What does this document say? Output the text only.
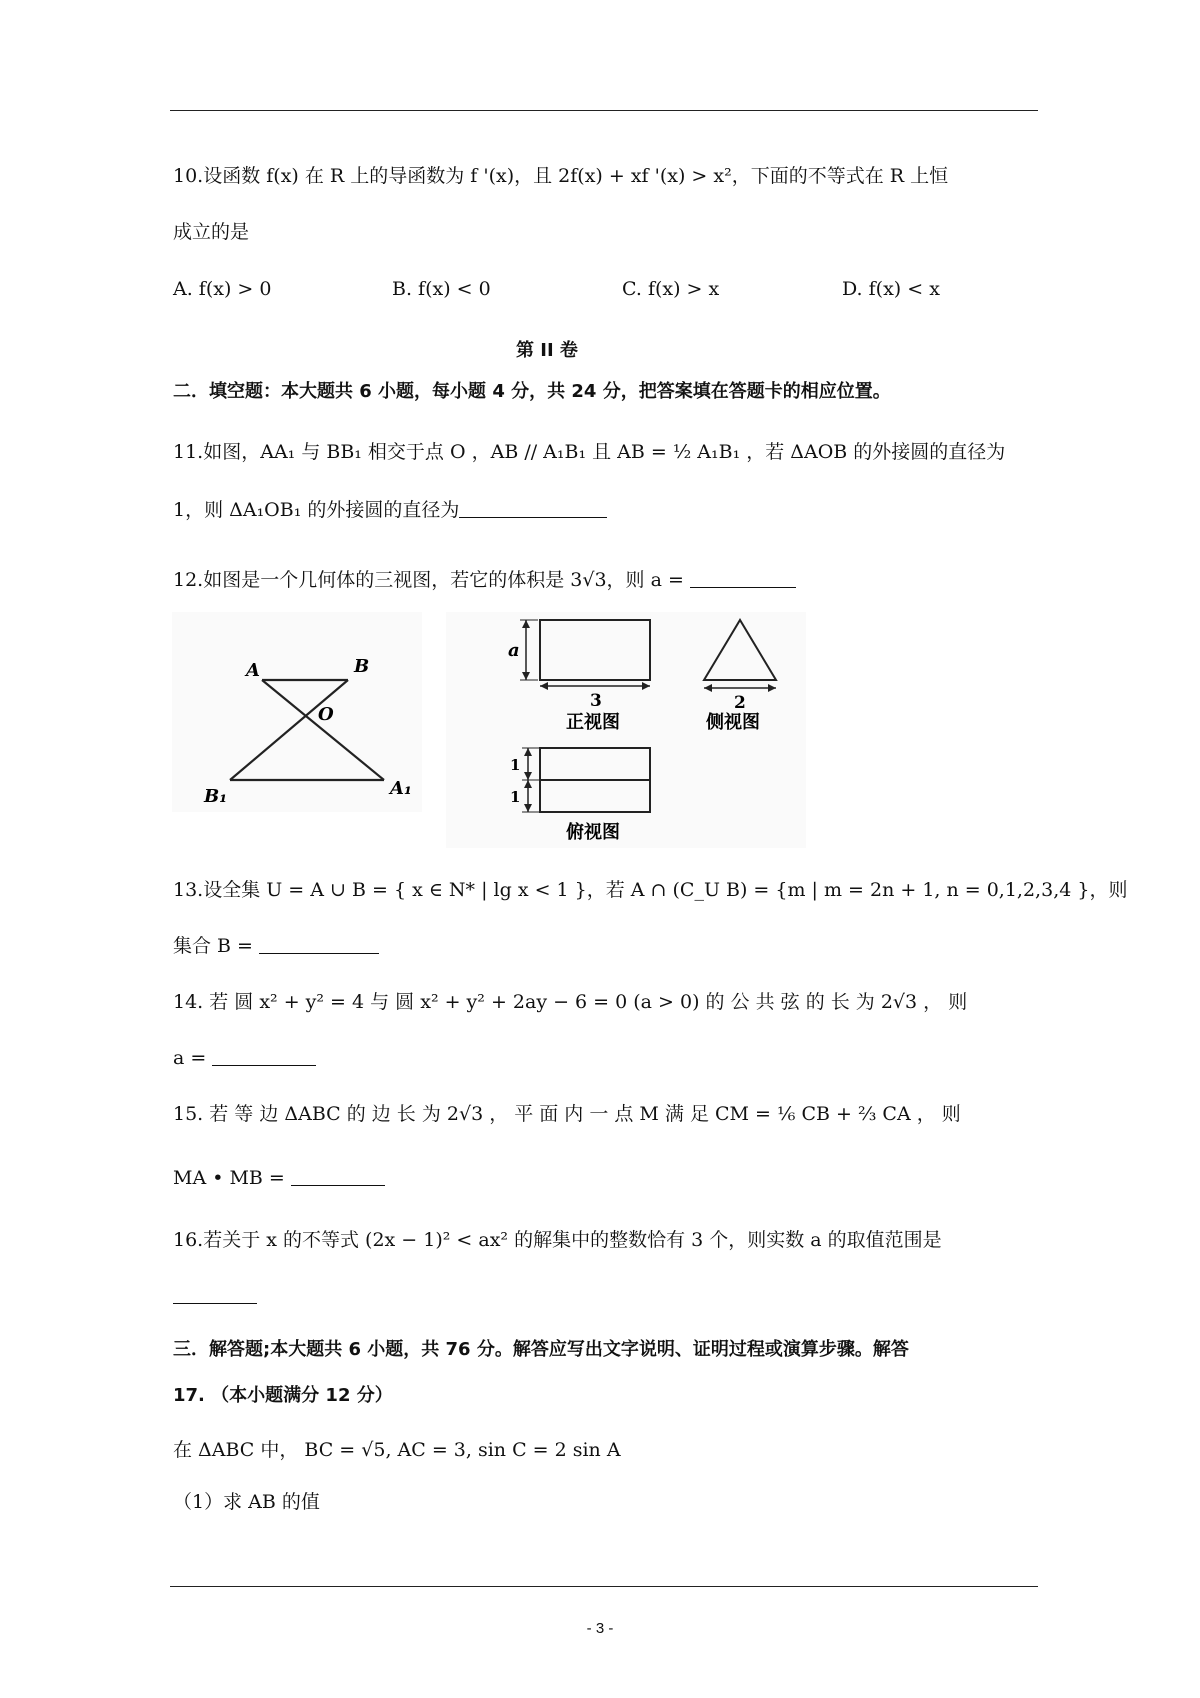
10.设函数 f(x) 在 R 上的导函数为 f '(x)，且 2f(x) + xf '(x) > x²，下面的不等式在 R 上恒
成立的是
A. f(x) > 0	B. f(x) < 0	C. f(x) > x	D. f(x) < x
第 II 卷
二．填空题：本大题共 6 小题，每小题 4 分，共 24 分，把答案填在答题卡的相应位置。
11.如图，AA₁ 与 BB₁ 相交于点 O ，AB // A₁B₁ 且 AB = ½ A₁B₁ ，若 ΔAOB 的外接圆的直径为
1，则 ΔA₁OB₁ 的外接圆的直径为
12.如图是一个几何体的三视图，若它的体积是 3√3，则 a =
A	B
O
B₁	A₁
a
3
正视图
2
侧视图
1
1
俯视图
13.设全集 U = A ∪ B = { x ∈ N* | lg x < 1 }，若 A ∩ (C_U B) = {m | m = 2n + 1, n = 0,1,2,3,4 }，则
集合 B =
14. 若 圆 x² + y² = 4 与 圆 x² + y² + 2ay − 6 = 0 (a > 0) 的 公 共 弦 的 长 为 2√3 ， 则
a =
15. 若 等 边 ΔABC 的 边 长 为 2√3 ， 平 面 内 一 点 M 满 足 CM = ⅙ CB + ⅔ CA ， 则
MA • MB =
16.若关于 x 的不等式 (2x − 1)² < ax² 的解集中的整数恰有 3 个，则实数 a 的取值范围是
三．解答题;本大题共 6 小题，共 76 分。解答应写出文字说明、证明过程或演算步骤。解答
17. （本小题满分 12 分）
在 ΔABC 中， BC = √5, AC = 3, sin C = 2 sin A
（1）求 AB 的值
- 3 -
